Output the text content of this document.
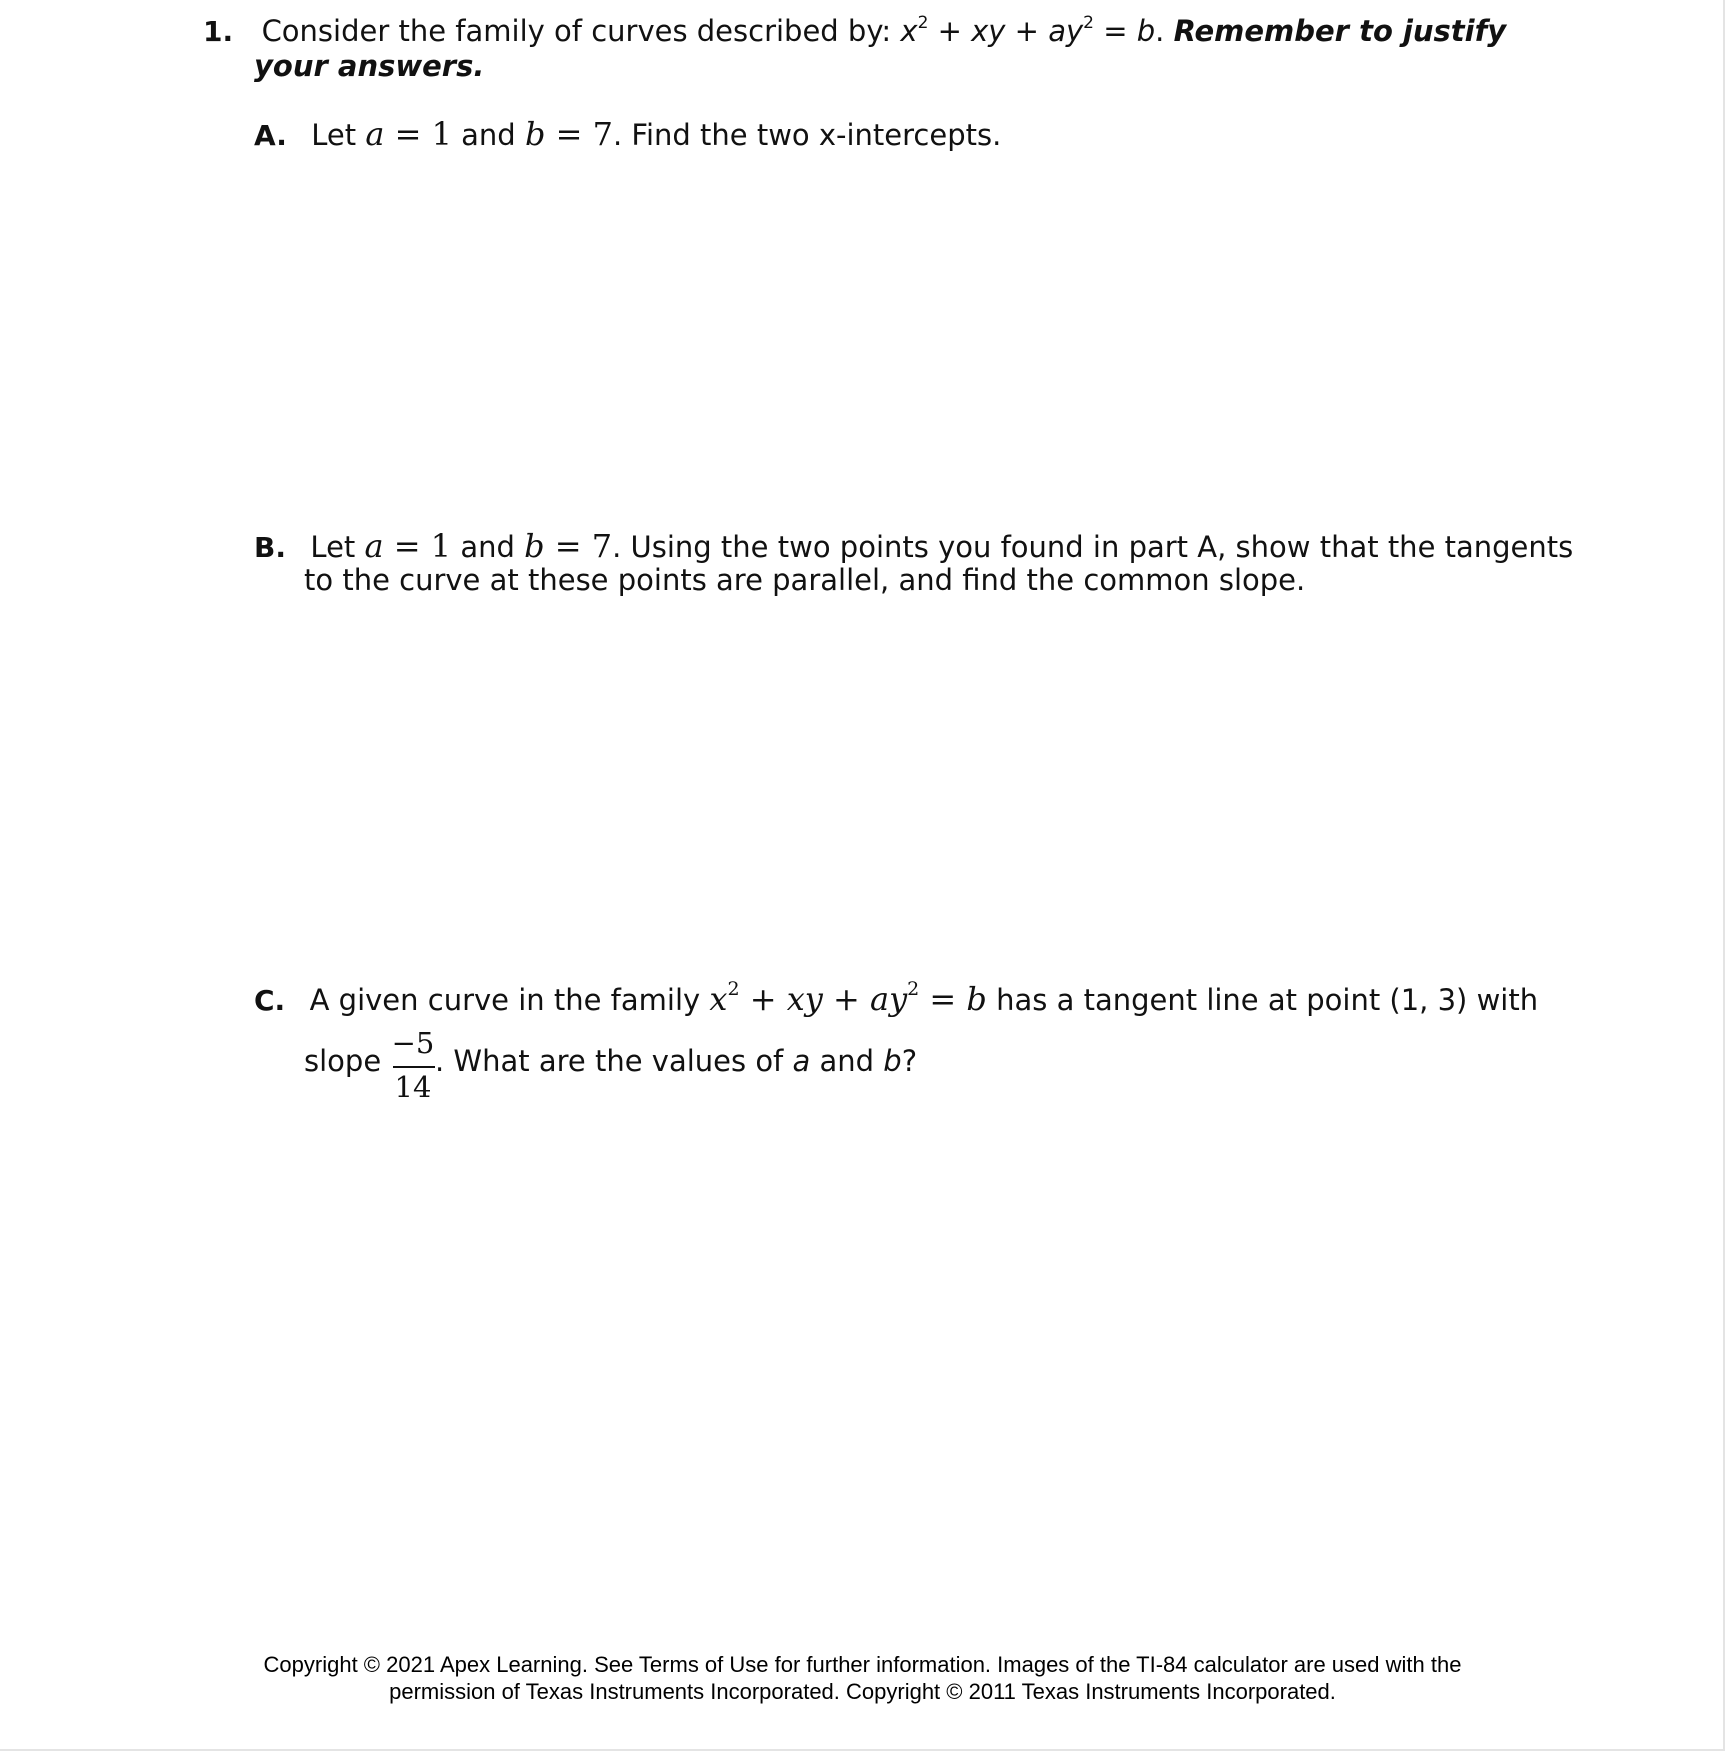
1. Consider the family of curves described by: $x^2$ + xy + $ay^2 = b$. Remember to justify
your answers.
A. Let a = 1 and b = 7. Find the two x-intercepts.
B. Let a = 1 and b = 7. Using the two points you found in part A, show that the tangents
to the curve at these points are parallel, and find the common slope.
C. A given curve in the family $x^2$ + xy + $ay^2 = b$ has a tangent line at point (1, 3) with
slope
−5
14
. What are the values of a and b?
Copyright © 2021 Apex Learning. See Terms of Use for further information. Images of the TI-84 calculator are used with the
permission of Texas Instruments Incorporated. Copyright © 2011 Texas Instruments Incorporated.
